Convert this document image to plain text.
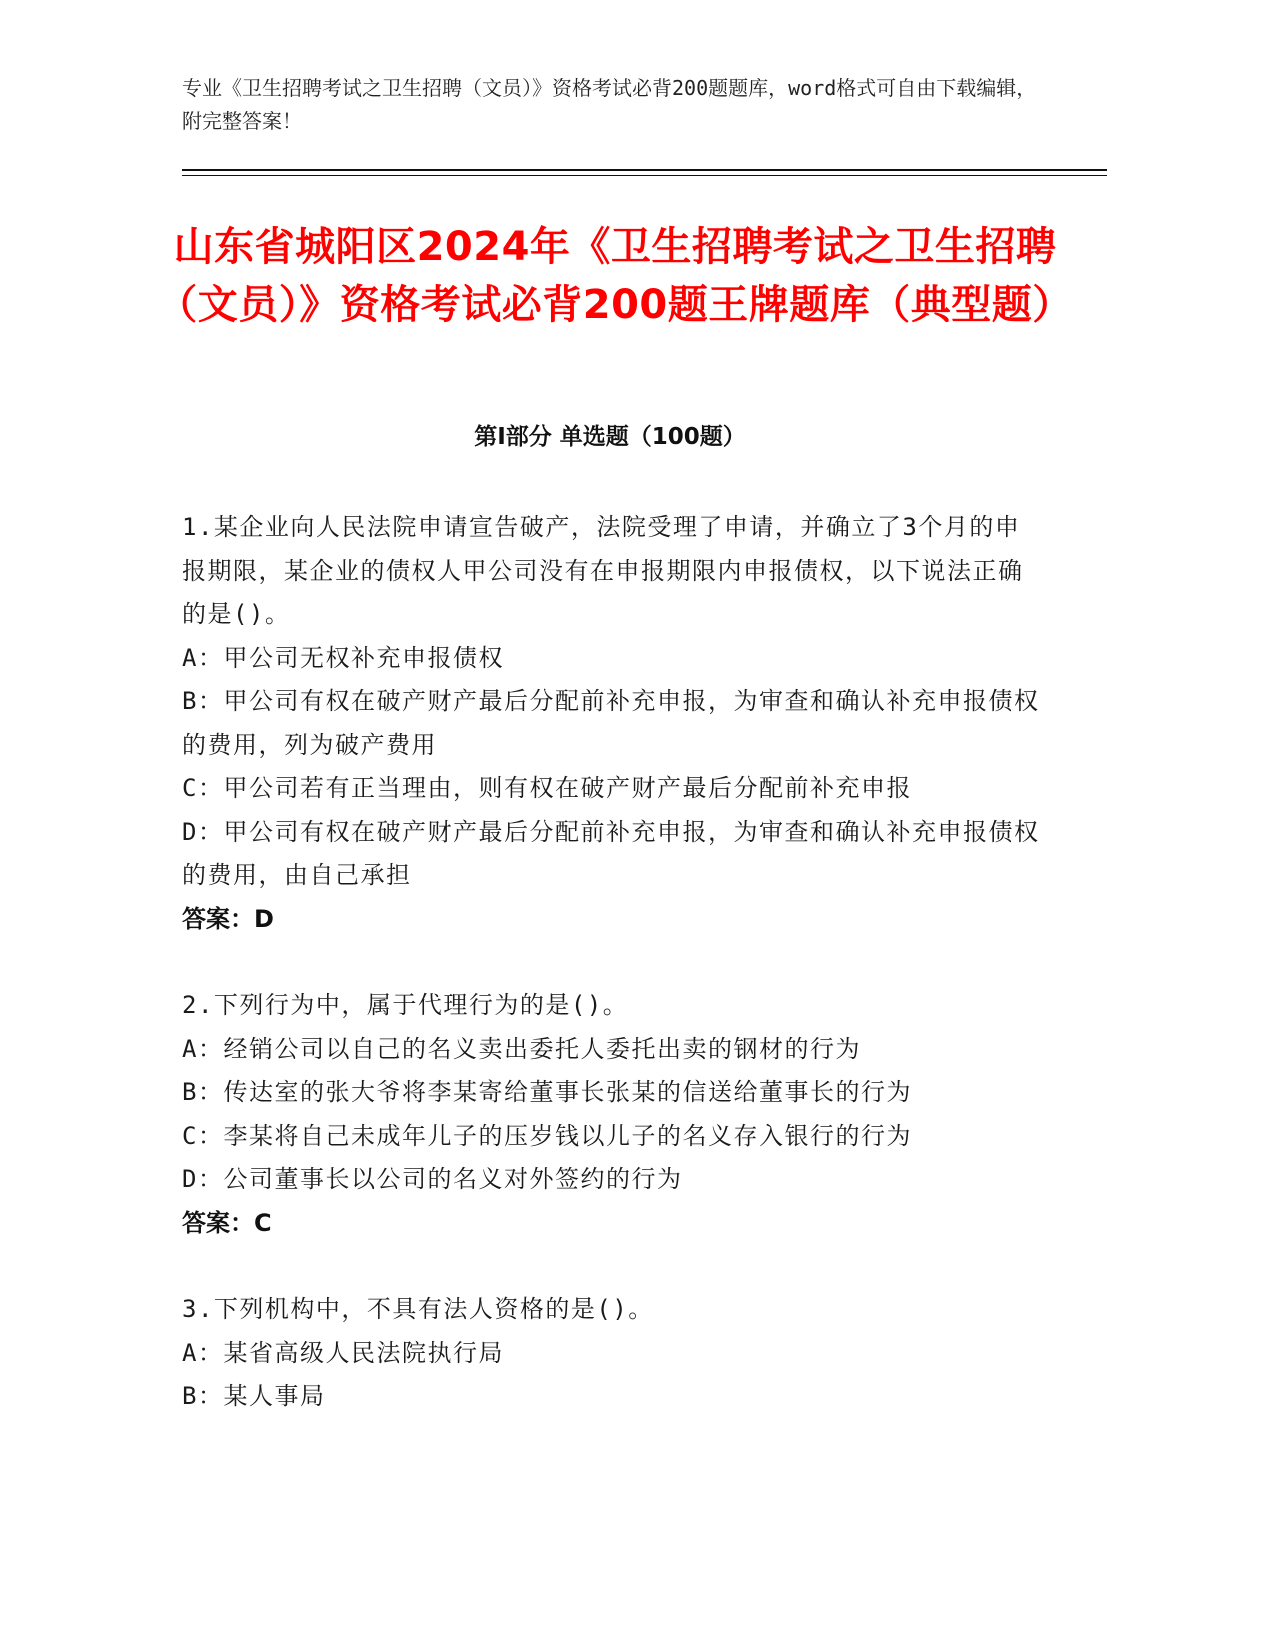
专业《卫生招聘考试之卫生招聘（文员）》资格考试必背200题题库，word格式可自由下载编辑，附完整答案！
山东省城阳区2024年《卫生招聘考试之卫生招聘（文员）》资格考试必背200题王牌题库（典型题）
第Ⅰ部分 单选题（100题）

1.某企业向人民法院申请宣告破产，法院受理了申请，并确立了3个月的申报期限，某企业的债权人甲公司没有在申报期限内申报债权，以下说法正确的是()。

A：甲公司无权补充申报债权

B：甲公司有权在破产财产最后分配前补充申报，为审查和确认补充申报债权的费用，列为破产费用

C：甲公司若有正当理由，则有权在破产财产最后分配前补充申报

D：甲公司有权在破产财产最后分配前补充申报，为审查和确认补充申报债权的费用，由自己承担

答案：D

2.下列行为中，属于代理行为的是()。

A：经销公司以自己的名义卖出委托人委托出卖的钢材的行为

B：传达室的张大爷将李某寄给董事长张某的信送给董事长的行为

C：李某将自己未成年儿子的压岁钱以儿子的名义存入银行的行为

D：公司董事长以公司的名义对外签约的行为

答案：C

3.下列机构中，不具有法人资格的是()。

A：某省高级人民法院执行局

B：某人事局
